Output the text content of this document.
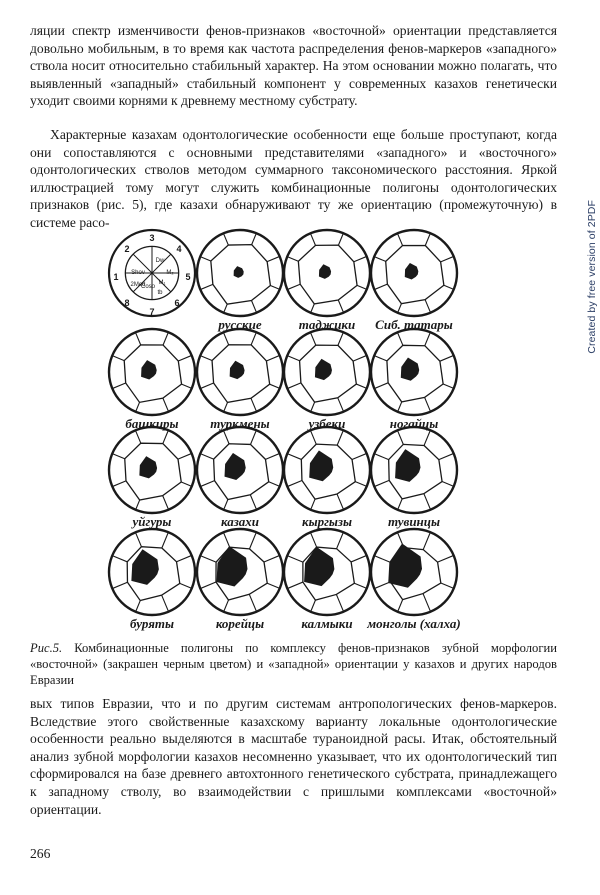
ляции спектр изменчивости фенов-признаков «восточной» ориентации представляется довольно мобильным, в то время как частота распределения фенов-маркеров «западного» ствола носит относительно стабильный характер. На этом основании можно полагать, что выявленный «западный» стабильный компонент у современных казахов генетически уходит своими корнями к древнему местному субстрату.

Характерные казахам одонтологические особенности еще больше проступают, когда они сопоставляются с основными представителями «западного» и «восточного» одонтологических стволов методом суммарного таксономического расстояния. Яркой иллюстрацией тому могут служить комбинационные полигоны одонтологических признаков (рис. 5), где казахи обнаруживают ту же ориентацию (промежуточную) в системе расо-

3
4
5
6
7
8
1
2
Shov
Dw
M₂
M₁
Cosp
tb
2Med
русские	таджики Сиб. татары
башкиры туркмены	узбеки	ногайцы
уйгуры	казахи	кыргызы	тувинцы
буряты	корейцы	калмыки монголы (халха)

Рис.5. Комбинационные полигоны по комплексу фенов-признаков зубной морфологии «восточной» (закрашен черным цветом) и «западной» ориентации у казахов и других народов Евразии

вых типов Евразии, что и по другим системам антропологических фенов-маркеров. Вследствие этого свойственные казахскому варианту локальные одонтологические особенности реально выделяются в масштабе туранoидной расы. Итак, обстоятельный анализ зубной морфологии казахов несомненно указывает, что их одонтологический тип сформировался на базе древнего автохтонного генетического субстрата, принадлежащего к западному стволу, во взаимодействии с пришлыми комплексами «восточной» ориентации.

266
Created by free version of 2PDF
